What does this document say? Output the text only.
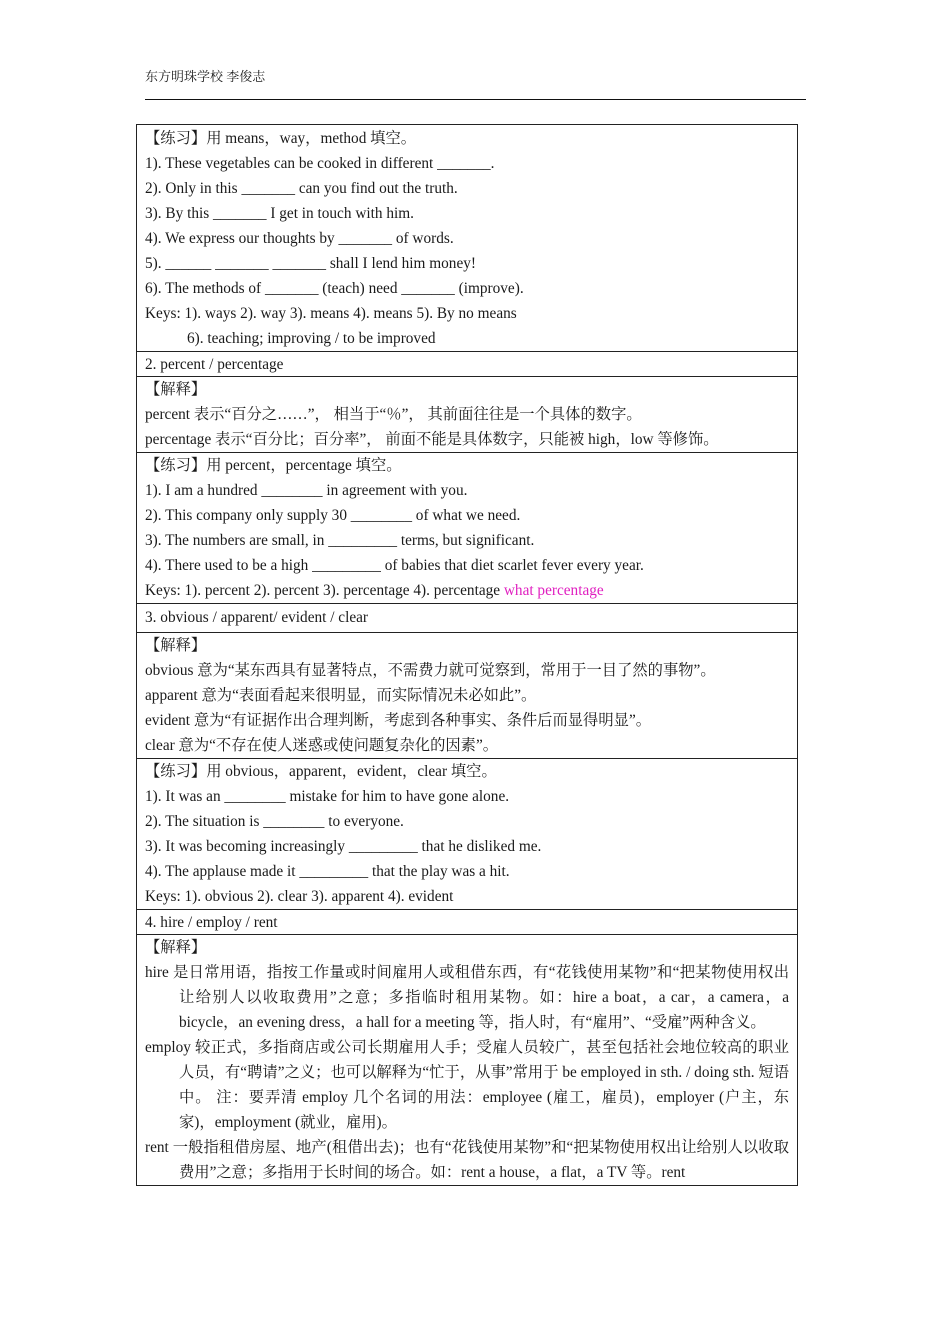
东方明珠学校 李俊志
【练习】用 means，way，method 填空。
1). These vegetables can be cooked in different _______.
2). Only in this _______ can you find out the truth.
3). By this _______ I get in touch with him.
4). We express our thoughts by _______ of words.
5). ______ _______ _______ shall I lend him money!
6). The methods of _______ (teach) need _______ (improve).
Keys: 1). ways 2). way 3). means 4). means 5). By no means
6). teaching; improving / to be improved
2. percent / percentage
【解释】
percent 表示“百分之……”， 相当于“％”， 其前面往往是一个具体的数字。
percentage 表示“百分比；百分率”， 前面不能是具体数字，只能被 high，low 等修饰。
【练习】用 percent，percentage 填空。
1). I am a hundred ________ in agreement with you.
2). This company only supply 30 ________ of what we need.
3). The numbers are small, in _________ terms, but significant.
4). There used to be a high _________ of babies that diet scarlet fever every year.
Keys: 1). percent 2). percent 3). percentage 4). percentage what percentage
3. obvious / apparent/ evident / clear
【解释】
obvious 意为“某东西具有显著特点，不需费力就可觉察到，常用于一目了然的事物”。
apparent 意为“表面看起来很明显，而实际情况未必如此”。
evident 意为“有证据作出合理判断，考虑到各种事实、条件后而显得明显”。
clear 意为“不存在使人迷惑或使问题复杂化的因素”。
【练习】用 obvious，apparent，evident，clear 填空。
1). It was an ________ mistake for him to have gone alone.
2). The situation is ________ to everyone.
3). It was becoming increasingly _________ that he disliked me.
4). The applause made it _________ that the play was a hit.
Keys: 1). obvious 2). clear 3). apparent 4). evident
4. hire / employ / rent
【解释】
hire 是日常用语，指按工作量或时间雇用人或租借东西，有“花钱使用某物”和“把某物使用权出让给别人以收取费用”之意；多指临时租用某物。如：hire a boat，a car，a camera，a bicycle，an evening dress，a hall for a meeting 等，指人时，有“雇用”、“受雇”两种含义。
employ 较正式，多指商店或公司长期雇用人手；受雇人员较广，甚至包括社会地位较高的职业人员，有“聘请”之义；也可以解释为“忙于，从事”常用于 be employed in sth. / doing sth. 短语中。 注：要弄清 employ 几个名词的用法：employee (雇工，雇员)，employer (户主，东家)，employment (就业，雇用)。
rent 一般指租借房屋、地产(租借出去)；也有“花钱使用某物”和“把某物使用权出让给别人以收取费用”之意；多指用于长时间的场合。如：rent a house，a flat，a TV 等。rent
